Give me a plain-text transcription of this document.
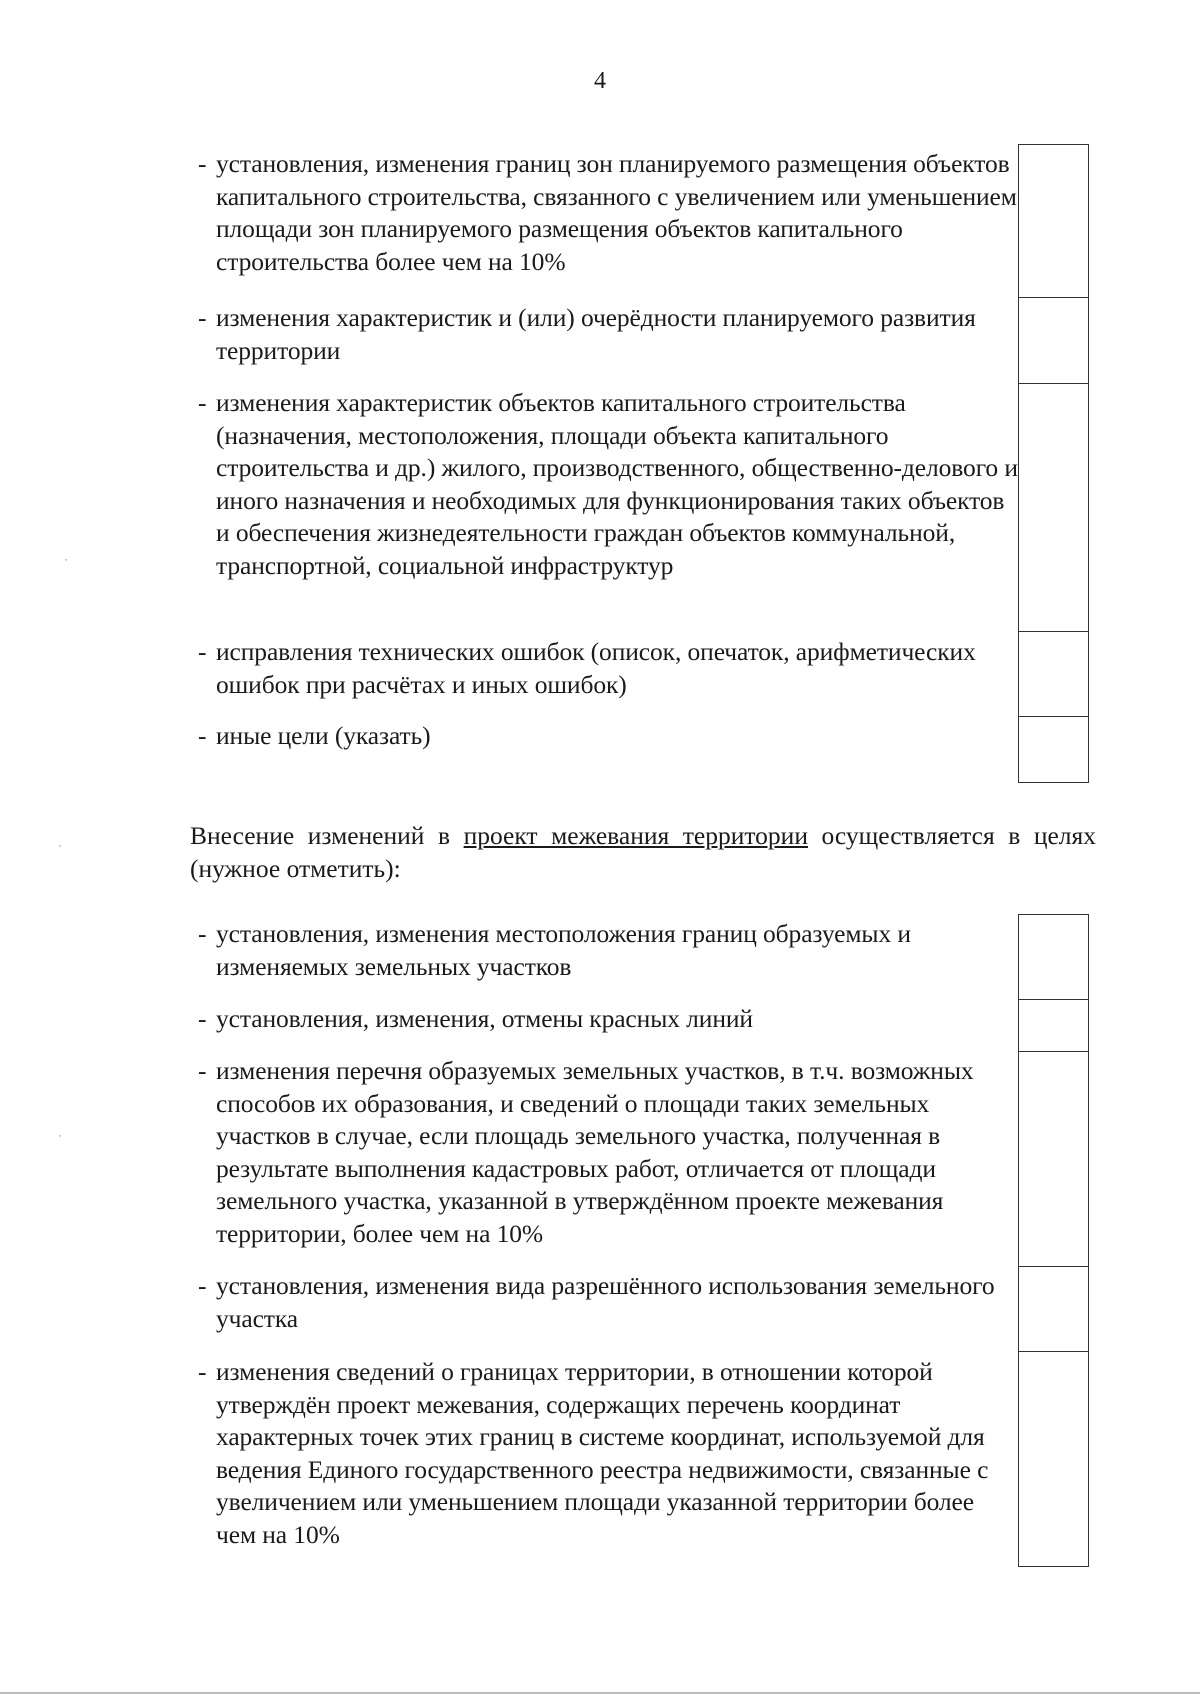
4
- установления, изменения границ зон планируемого размещения объектов капитального строительства, связанного с увеличением или уменьшением площади зон планируемого размещения объектов капитального строительства более чем на 10%
- изменения характеристик и (или) очерёдности планируемого развития территории
- изменения характеристик объектов капитального строительства (назначения, местоположения, площади объекта капитального строительства и др.) жилого, производственного, общественно-делового и иного назначения и необходимых для функционирования таких объектов и обеспечения жизнедеятельности граждан объектов коммунальной, транспортной, социальной инфраструктур
- исправления технических ошибок (описок, опечаток, арифметических ошибок при расчётах и иных ошибок)
- иные цели (указать)
Внесение изменений в проект межевания территории осуществляется в целях (нужное отметить):
- установления, изменения местоположения границ образуемых и изменяемых земельных участков
- установления, изменения, отмены красных линий
- изменения перечня образуемых земельных участков, в т.ч. возможных способов их образования, и сведений о площади таких земельных участков в случае, если площадь земельного участка, полученная в результате выполнения кадастровых работ, отличается от площади земельного участка, указанной в утверждённом проекте межевания территории, более чем на 10%
- установления, изменения вида разрешённого использования земельного участка
- изменения сведений о границах территории, в отношении которой утверждён проект межевания, содержащих перечень координат характерных точек этих границ в системе координат, используемой для ведения Единого государственного реестра недвижимости, связанные с увеличением или уменьшением площади указанной территории более чем на 10%
˙
˙
˙
